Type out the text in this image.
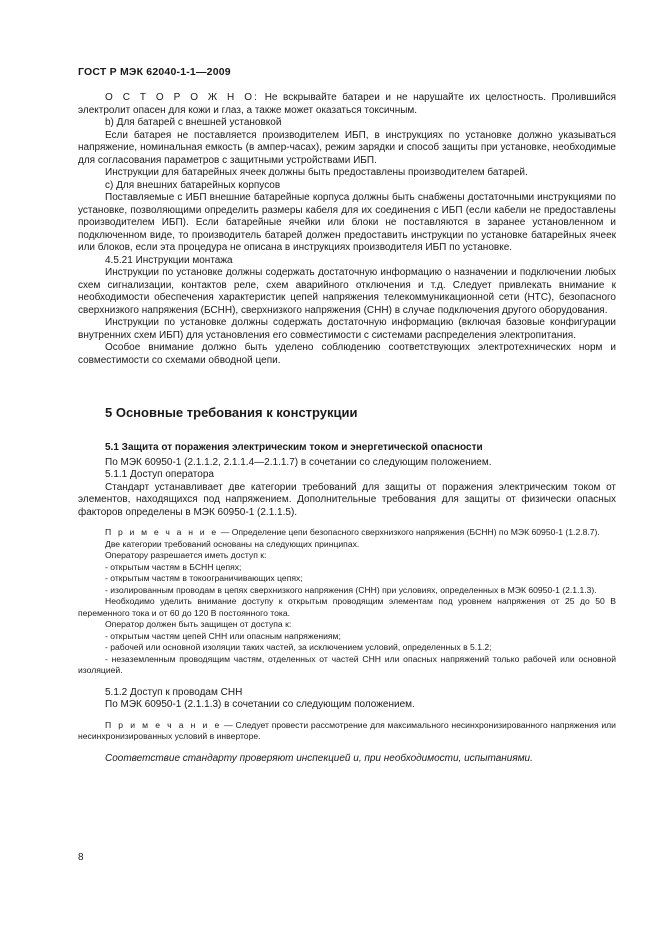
ГОСТ Р МЭК 62040-1-1—2009

О С Т О Р О Ж Н О: Не вскрывайте батареи и не нарушайте их целостность. Пролившийся электролит опасен для кожи и глаз, а также может оказаться токсичным.

b) Для батарей с внешней установкой

Если батарея не поставляется производителем ИБП, в инструкциях по установке должно указываться напряжение, номинальная емкость (в ампер-часах), режим зарядки и способ защиты при установке, необходимые для согласования параметров с защитными устройствами ИБП.

Инструкции для батарейных ячеек должны быть предоставлены производителем батарей.

с) Для внешних батарейных корпусов

Поставляемые с ИБП внешние батарейные корпуса должны быть снабжены достаточными инструкциями по установке, позволяющими определить размеры кабеля для их соединения с ИБП (если кабели не предоставлены производителем ИБП). Если батарейные ячейки или блоки не поставляются в заранее установленном и подключенном виде, то производитель батарей должен предоставить инструкции по установке батарейных ячеек или блоков, если эта процедура не описана в инструкциях производителя ИБП по установке.

4.5.21 Инструкции монтажа

Инструкции по установке должны содержать достаточную информацию о назначении и подключении любых схем сигнализации, контактов реле, схем аварийного отключения и т.д. Следует привлекать внимание к необходимости обеспечения характеристик цепей напряжения телекоммуникационной сети (НТС), безопасного сверхнизкого напряжения (БСНН), сверхнизкого напряжения (СНН) в случае подключения другого оборудования.

Инструкции по установке должны содержать достаточную информацию (включая базовые конфигурации внутренних схем ИБП) для установления его совместимости с системами распределения электропитания.

Особое внимание должно быть уделено соблюдению соответствующих электротехнических норм и совместимости со схемами обводной цепи.

5 Основные требования к конструкции

5.1 Защита от поражения электрическим током и энергетической опасности

По МЭК 60950-1 (2.1.1.2, 2.1.1.4—2.1.1.7) в сочетании со следующим положением.

5.1.1 Доступ оператора

Стандарт устанавливает две категории требований для защиты от поражения электрическим током от элементов, находящихся под напряжением. Дополнительные требования для защиты от физически опасных факторов определены в МЭК 60950-1 (2.1.1.5).

П р и м е ч а н и е — Определение цепи безопасного сверхнизкого напряжения (БСНН) по МЭК 60950-1 (1.2.8.7).

Две категории требований основаны на следующих принципах.

Оператору разрешается иметь доступ к:

- открытым частям в БСНН цепях;

- открытым частям в токоограничивающих цепях;

- изолированным проводам в цепях сверхнизкого напряжения (СНН) при условиях, определенных в МЭК 60950-1 (2.1.1.3).

Необходимо уделить внимание доступу к открытым проводящим элементам под уровнем напряжения от 25 до 50 В переменного тока и от 60 до 120 В постоянного тока.

Оператор должен быть защищен от доступа к:

- открытым частям цепей СНН или опасным напряжениям;

- рабочей или основной изоляции таких частей, за исключением условий, определенных в 5.1.2;

- незаземленным проводящим частям, отделенных от частей СНН или опасных напряжений только рабочей или основной изоляцией.

5.1.2 Доступ к проводам СНН

По МЭК 60950-1 (2.1.1.3) в сочетании со следующим положением.

П р и м е ч а н и е — Следует провести рассмотрение для максимального несинхронизированного напряжения или несинхронизированных условий в инверторе.

Соответствие стандарту проверяют инспекцией и, при необходимости, испытаниями.

8
